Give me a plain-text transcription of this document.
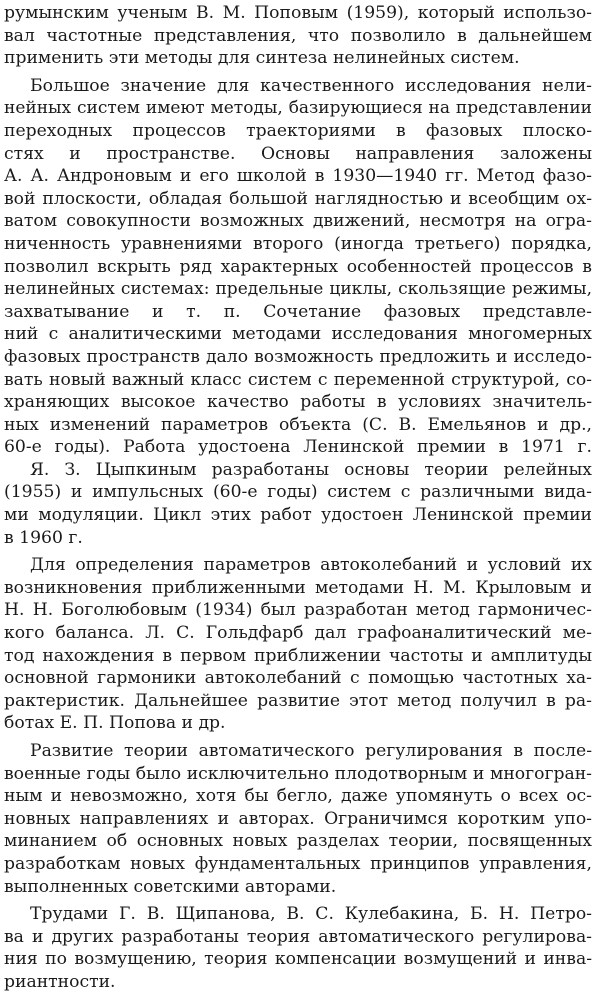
румынским ученым В. М. Поповым (1959), который использо-
вал частотные представления, что позволило в дальнейшем
применить эти методы для синтеза нелинейных систем.
Большое значение для качественного исследования нели-
нейных систем имеют методы, базирующиеся на представлении
переходных процессов траекториями в фазовых плоско-
стях и пространстве. Основы направления заложены
А. А. Андроновым и его школой в 1930—1940 гг. Метод фазо-
вой плоскости, обладая большой наглядностью и всеобщим ох-
ватом совокупности возможных движений, несмотря на огра-
ниченность уравнениями второго (иногда третьего) порядка,
позволил вскрыть ряд характерных особенностей процессов в
нелинейных системах: предельные циклы, скользящие режимы,
захватывание и т. п. Сочетание фазовых представле-
ний с аналитическими методами исследования многомерных
фазовых пространств дало возможность предложить и исследо-
вать новый важный класс систем с переменной структурой, со-
храняющих высокое качество работы в условиях значитель-
ных изменений параметров объекта (С. В. Емельянов и др.,
60-е годы). Работа удостоена Ленинской премии в 1971 г.
Я. З. Цыпкиным разработаны основы теории релейных
(1955) и импульсных (60-е годы) систем с различными вида-
ми модуляции. Цикл этих работ удостоен Ленинской премии
в 1960 г.
Для определения параметров автоколебаний и условий их
возникновения приближенными методами Н. М. Крыловым и
Н. Н. Боголюбовым (1934) был разработан метод гармоничес-
кого баланса. Л. С. Гольдфарб дал графоаналитический ме-
тод нахождения в первом приближении частоты и амплитуды
основной гармоники автоколебаний с помощью частотных ха-
рактеристик. Дальнейшее развитие этот метод получил в ра-
ботах Е. П. Попова и др.
Развитие теории автоматического регулирования в после-
военные годы было исключительно плодотворным и многогран-
ным и невозможно, хотя бы бегло, даже упомянуть о всех ос-
новных направлениях и авторах. Ограничимся коротким упо-
минанием об основных новых разделах теории, посвященных
разработкам новых фундаментальных принципов управления,
выполненных советскими авторами.
Трудами Г. В. Щипанова, В. С. Кулебакина, Б. Н. Петро-
ва и других разработаны теория автоматического регулирова-
ния по возмущению, теория компенсации возмущений и инва-
риантности.
